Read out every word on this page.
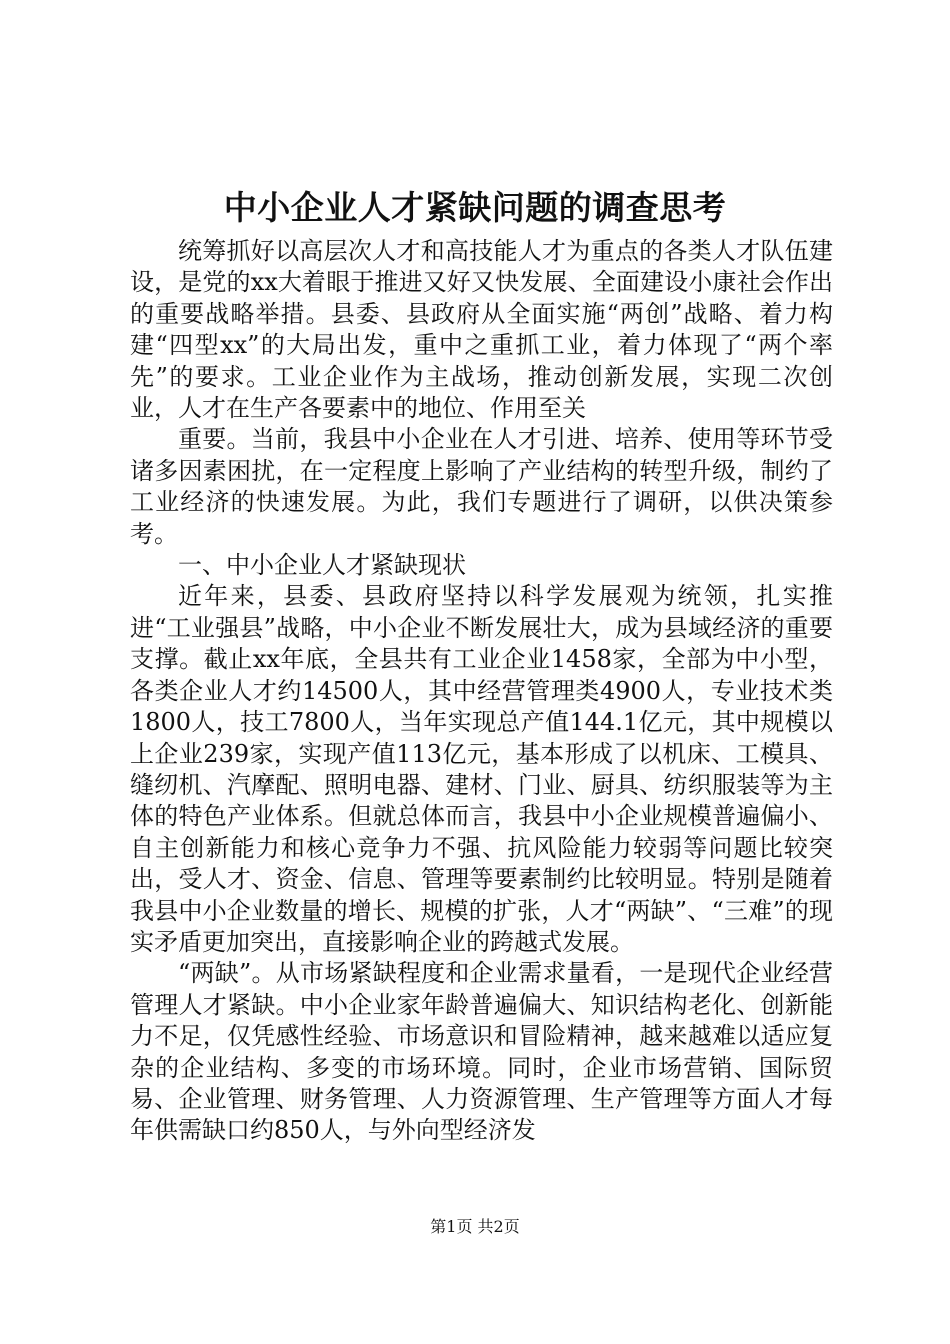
中小企业人才紧缺问题的调查思考

统筹抓好以高层次人才和高技能人才为重点的各类人才队伍建设，是党的xx大着眼于推进又好又快发展、全面建设小康社会作出的重要战略举措。县委、县政府从全面实施“两创”战略、着力构建“四型xx”的大局出发，重中之重抓工业，着力体现了“两个率先”的要求。工业企业作为主战场，推动创新发展，实现二次创业，人才在生产各要素中的地位、作用至关

重要。当前，我县中小企业在人才引进、培养、使用等环节受诸多因素困扰，在一定程度上影响了产业结构的转型升级，制约了工业经济的快速发展。为此，我们专题进行了调研，以供决策参考。

一、中小企业人才紧缺现状

近年来，县委、县政府坚持以科学发展观为统领，扎实推进“工业强县”战略，中小企业不断发展壮大，成为县域经济的重要支撑。截止xx年底，全县共有工业企业1458家，全部为中小型，各类企业人才约14500人，其中经营管理类4900人，专业技术类1800人，技工7800人，当年实现总产值144.1亿元，其中规模以上企业239家，实现产值113亿元，基本形成了以机床、工模具、缝纫机、汽摩配、照明电器、建材、门业、厨具、纺织服装等为主体的特色产业体系。但就总体而言，我县中小企业规模普遍偏小、自主创新能力和核心竞争力不强、抗风险能力较弱等问题比较突出，受人才、资金、信息、管理等要素制约比较明显。特别是随着我县中小企业数量的增长、规模的扩张，人才“两缺”、“三难”的现实矛盾更加突出，直接影响企业的跨越式发展。

“两缺”。从市场紧缺程度和企业需求量看，一是现代企业经营管理人才紧缺。中小企业家年龄普遍偏大、知识结构老化、创新能力不足，仅凭感性经验、市场意识和冒险精神，越来越难以适应复杂的企业结构、多变的市场环境。同时，企业市场营销、国际贸易、企业管理、财务管理、人力资源管理、生产管理等方面人才每年供需缺口约850人，与外向型经济发

第1页 共2页
